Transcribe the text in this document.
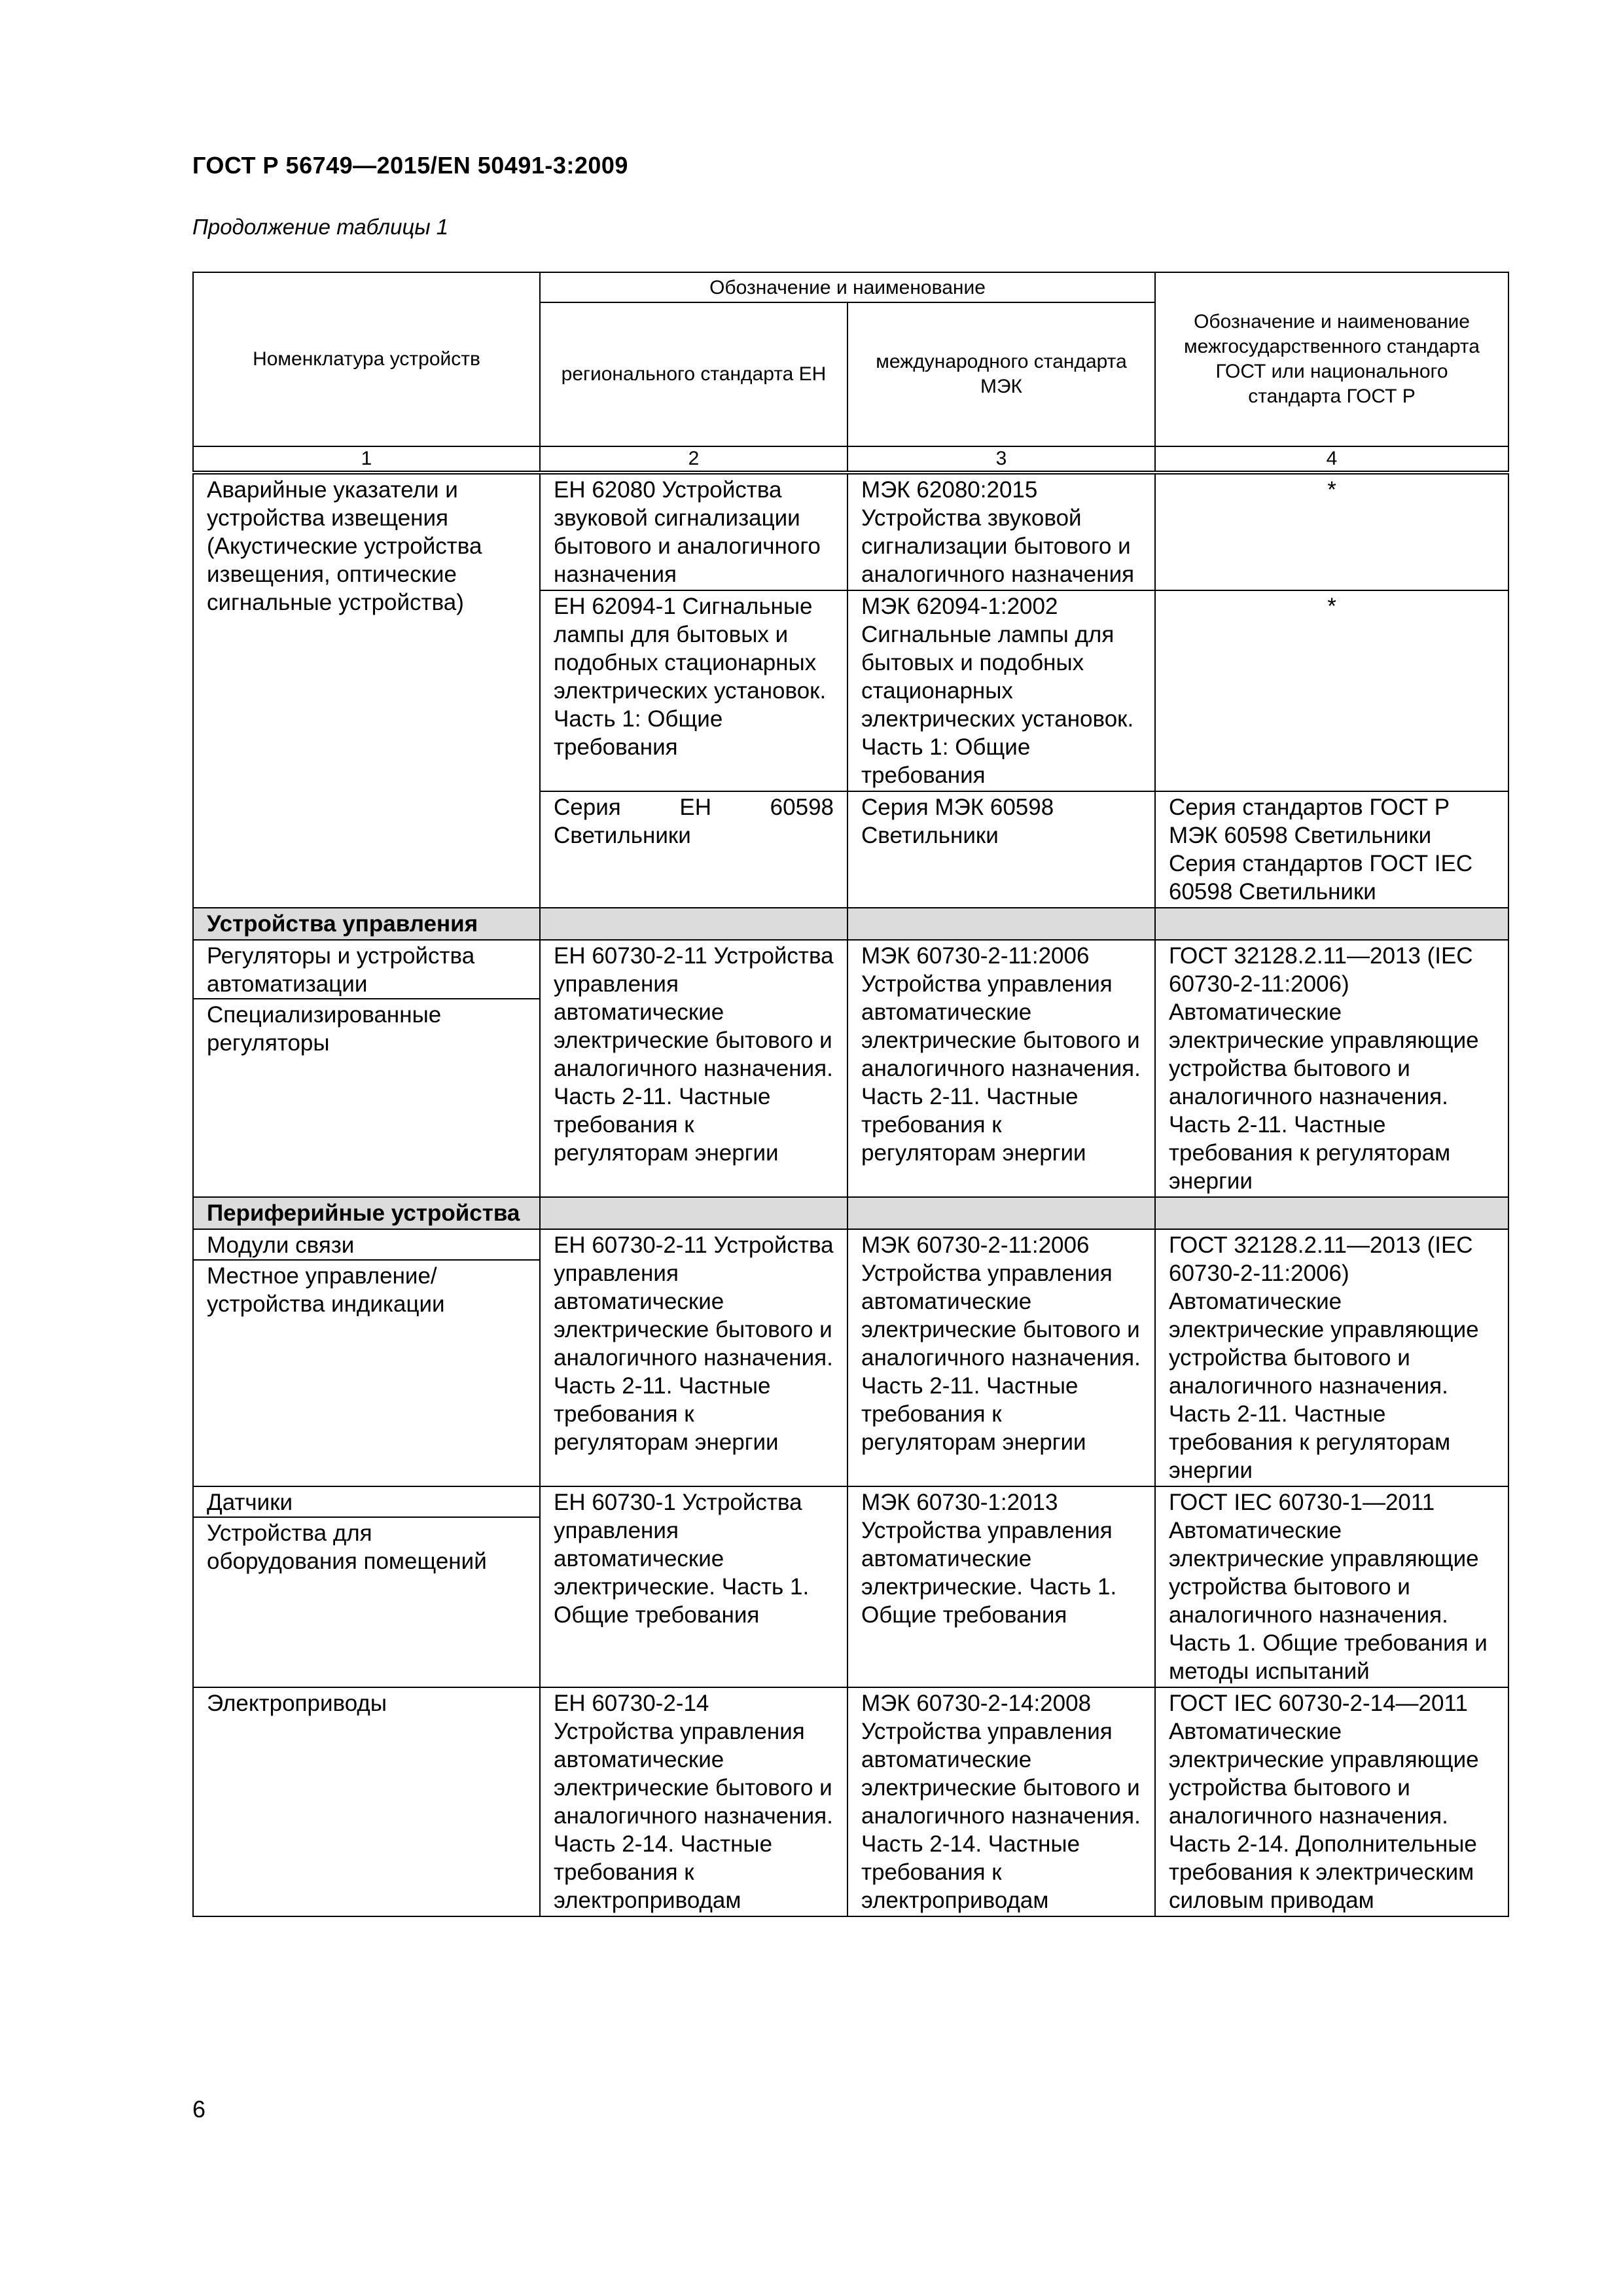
ГОСТ Р 56749—2015/EN 50491-3:2009
Продолжение таблицы 1
Номенклатура устройств	Обозначение и наименование		Обозначение и наименование межгосударственного стандарта ГОСТ или национального стандарта ГОСТ Р
	регионального стандарта ЕН	международного стандарта МЭК	
1	2	3	4
Аварийные указатели и устройства извещения (Акустические устройства извещения, оптические сигнальные устройства)	ЕН 62080 Устройства звуковой сигнализации бытового и аналогичного назначения	МЭК 62080:2015 Устройства звуковой сигнализации бытового и аналогичного назначения	*
	ЕН 62094-1 Сигнальные лампы для бытовых и подобных стационарных электрических установок. Часть 1: Общие требования	МЭК 62094-1:2002 Сигнальные лампы для бытовых и подобных стационарных электрических установок. Часть 1: Общие требования	*
	Серия ЕН 60598 Светильники	Серия МЭК 60598 Светильники	Серия стандартов ГОСТ Р МЭК 60598 Светильники Серия стандартов ГОСТ IEC 60598 Светильники
Устройства управления			

Регуляторы и устройства автоматизации
Специализированные регуляторы	ЕН 60730-2-11 Устройства управления автоматические электрические бытового и аналогичного назначения. Часть 2-11. Частные требования к регуляторам энергии	МЭК 60730-2-11:2006 Устройства управления автоматические электрические бытового и аналогичного назначения. Часть 2-11. Частные требования к регуляторам энергии	ГОСТ 32128.2.11—2013 (IEC 60730-2-11:2006) Автоматические электрические управляющие устройства бытового и аналогичного назначения. Часть 2-11. Частные требования к регуляторам энергии
Периферийные устройства			

Модули связи
Местное управление/ устройства индикации	ЕН 60730-2-11 Устройства управления автоматические электрические бытового и аналогичного назначения. Часть 2-11. Частные требования к регуляторам энергии	МЭК 60730-2-11:2006 Устройства управления автоматические электрические бытового и аналогичного назначения. Часть 2-11. Частные требования к регуляторам энергии	ГОСТ 32128.2.11—2013 (IEC 60730-2-11:2006) Автоматические электрические управляющие устройства бытового и аналогичного назначения. Часть 2-11. Частные требования к регуляторам энергии

Датчики
Устройства для оборудования помещений	ЕН 60730-1 Устройства управления автоматические электрические. Часть 1. Общие требования	МЭК 60730-1:2013 Устройства управления автоматические электрические. Часть 1. Общие требования	ГОСТ IEC 60730-1—2011 Автоматические электрические управляющие устройства бытового и аналогичного назначения. Часть 1. Общие требования и методы испытаний
Электроприводы	ЕН 60730-2-14 Устройства управления автоматические электрические бытового и аналогичного назначения. Часть 2-14. Частные требования к электроприводам	МЭК 60730-2-14:2008 Устройства управления автоматические электрические бытового и аналогичного назначения. Часть 2-14. Частные требования к электроприводам	ГОСТ IEC 60730-2-14—2011 Автоматические электрические управляющие устройства бытового и аналогичного назначения. Часть 2-14. Дополнительные требования к электрическим силовым приводам
6
